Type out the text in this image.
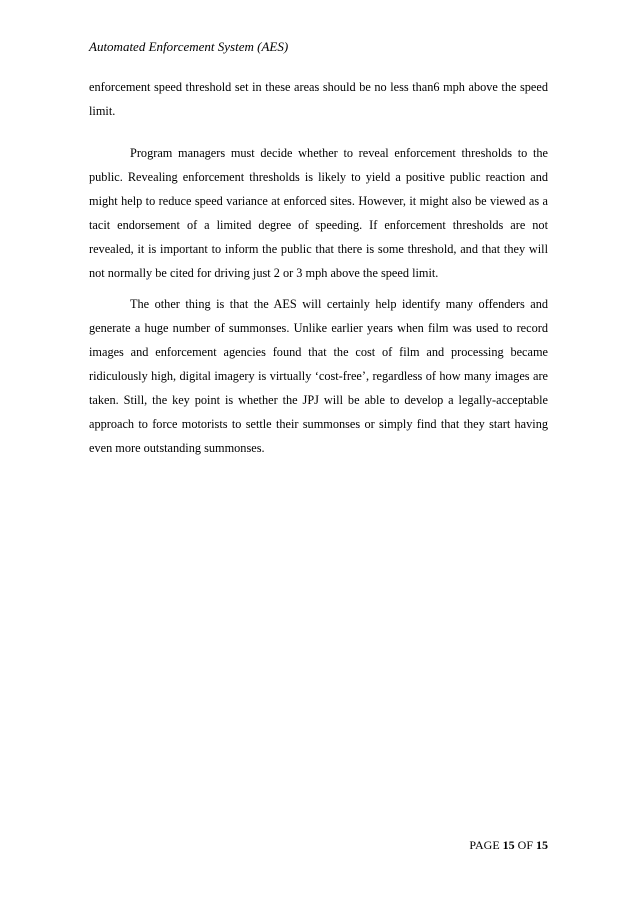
Automated Enforcement System (AES)

enforcement speed threshold set in these areas should be no less than6 mph above the speed limit.

Program managers must decide whether to reveal enforcement thresholds to the public. Revealing enforcement thresholds is likely to yield a positive public reaction and might help to reduce speed variance at enforced sites. However, it might also be viewed as a tacit endorsement of a limited degree of speeding. If enforcement thresholds are not revealed, it is important to inform the public that there is some threshold, and that they will not normally be cited for driving just 2 or 3 mph above the speed limit.

The other thing is that the AES will certainly help identify many offenders and generate a huge number of summonses. Unlike earlier years when film was used to record images and enforcement agencies found that the cost of film and processing became ridiculously high, digital imagery is virtually ‘cost-free’, regardless of how many images are taken. Still, the key point is whether the JPJ will be able to develop a legally-acceptable approach to force motorists to settle their summonses or simply find that they start having even more outstanding summonses.

PAGE 15 OF 15
